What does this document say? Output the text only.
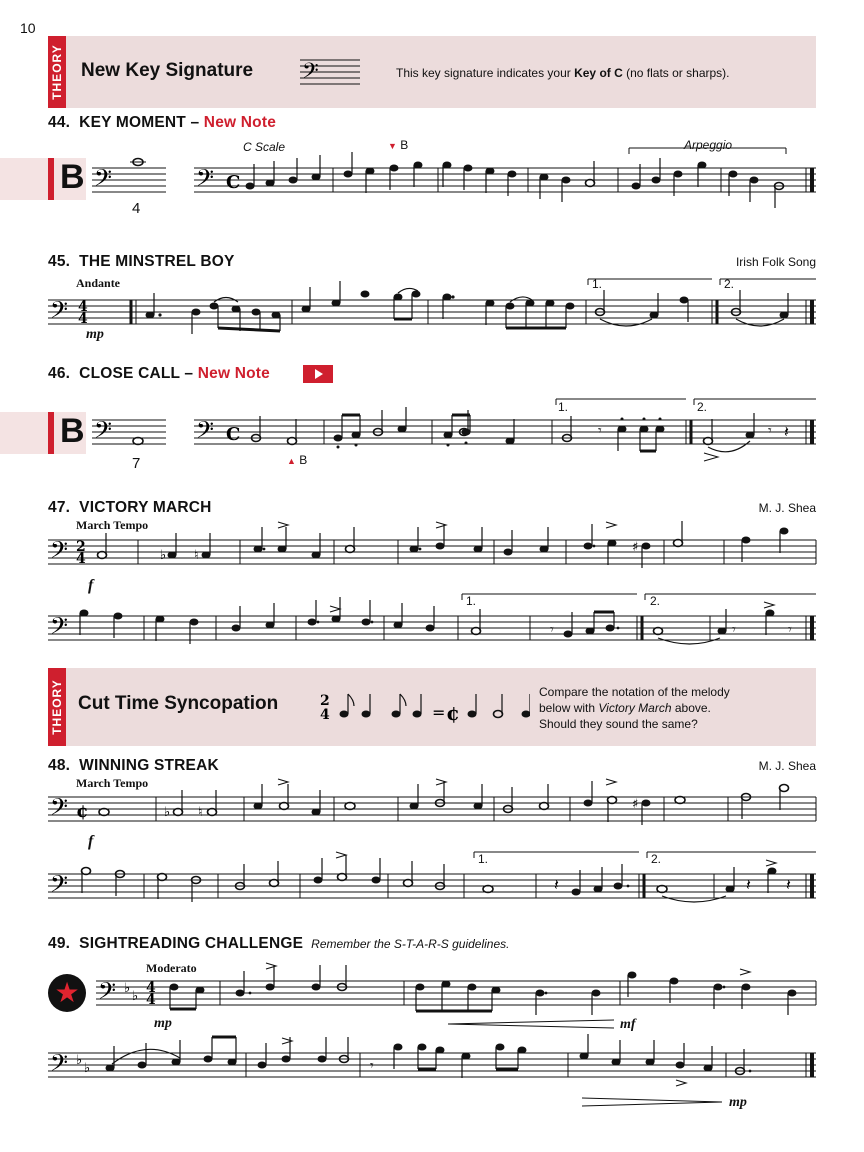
10
THEORY New Key Signature 𝄢	This key signature indicates your Key of C (no flats or sharps).
44. KEY MOMENT – New Note
B
4
C Scale	Arpeggio
▼ B
𝄢	𝄢 C
45. THE MINSTREL BOY	Irish Folk Song
Andante
mp
1.	2.
𝄢 4
4
46. CLOSE CALL – New Note
B
7	▲ B
1.	2.
𝄢	𝄢 C	𝄾	𝄾 𝄽
47. VICTORY MARCH	M. J. Shea
March Tempo
f
𝄢 2
4	♭ ♮
♯
1.	2.
𝄢	𝄾	𝄾	𝄾
THEORY Cut Time Syncopation	2
4	= ¢
Compare the notation of the melody
below with Victory March above.
Should they sound the same?
48. WINNING STREAK	M. J. Shea
March Tempo
f
𝄢 ¢	♭ ♮
♯
1.	2.
𝄢	𝄽	𝄽 𝄽
49. SIGHTREADING CHALLENGE Remember the S-T-A-R-S guidelines.
★
Moderato
mp	mf
mp
𝄢 ♭
♭
4
4
𝄢 ♭
♭	𝄾
